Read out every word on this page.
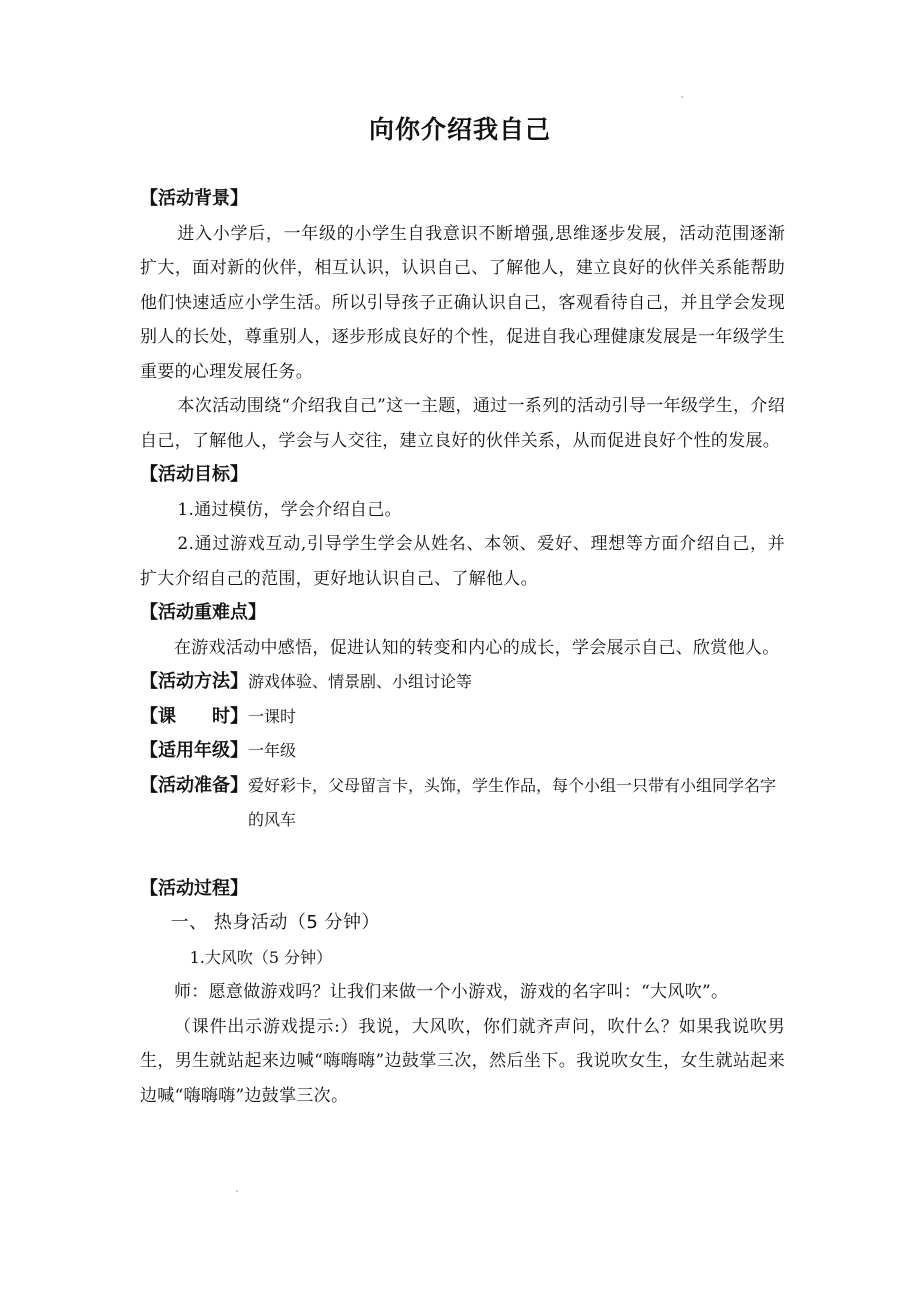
向你介绍我自己
【活动背景】
进入小学后，一年级的小学生自我意识不断增强,思维逐步发展，活动范围逐渐扩大，面对新的伙伴，相互认识，认识自己、了解他人，建立良好的伙伴关系能帮助他们快速适应小学生活。所以引导孩子正确认识自己，客观看待自己，并且学会发现别人的长处，尊重别人，逐步形成良好的个性，促进自我心理健康发展是一年级学生重要的心理发展任务。
本次活动围绕“介绍我自己”这一主题，通过一系列的活动引导一年级学生，介绍自己，了解他人，学会与人交往，建立良好的伙伴关系，从而促进良好个性的发展。
【活动目标】
1.通过模仿，学会介绍自己。
2.通过游戏互动,引导学生学会从姓名、本领、爱好、理想等方面介绍自己，并扩大介绍自己的范围，更好地认识自己、了解他人。
【活动重难点】
在游戏活动中感悟，促进认知的转变和内心的成长，学会展示自己、欣赏他人。
【活动方法】 游戏体验、情景剧、小组讨论等
【课　　时】 一课时
【适用年级】 一年级
【活动准备】 爱好彩卡，父母留言卡，头饰，学生作品，每个小组一只带有小组同学名字的风车
【活动过程】
一、 热身活动（5 分钟）
1.大风吹（5 分钟）
师：愿意做游戏吗？让我们来做一个小游戏，游戏的名字叫：“大风吹”。
（课件出示游戏提示:）我说，大风吹，你们就齐声问，吹什么？如果我说吹男生，男生就站起来边喊“嗨嗨嗨”边鼓掌三次，然后坐下。我说吹女生，女生就站起来边喊“嗨嗨嗨”边鼓掌三次。
